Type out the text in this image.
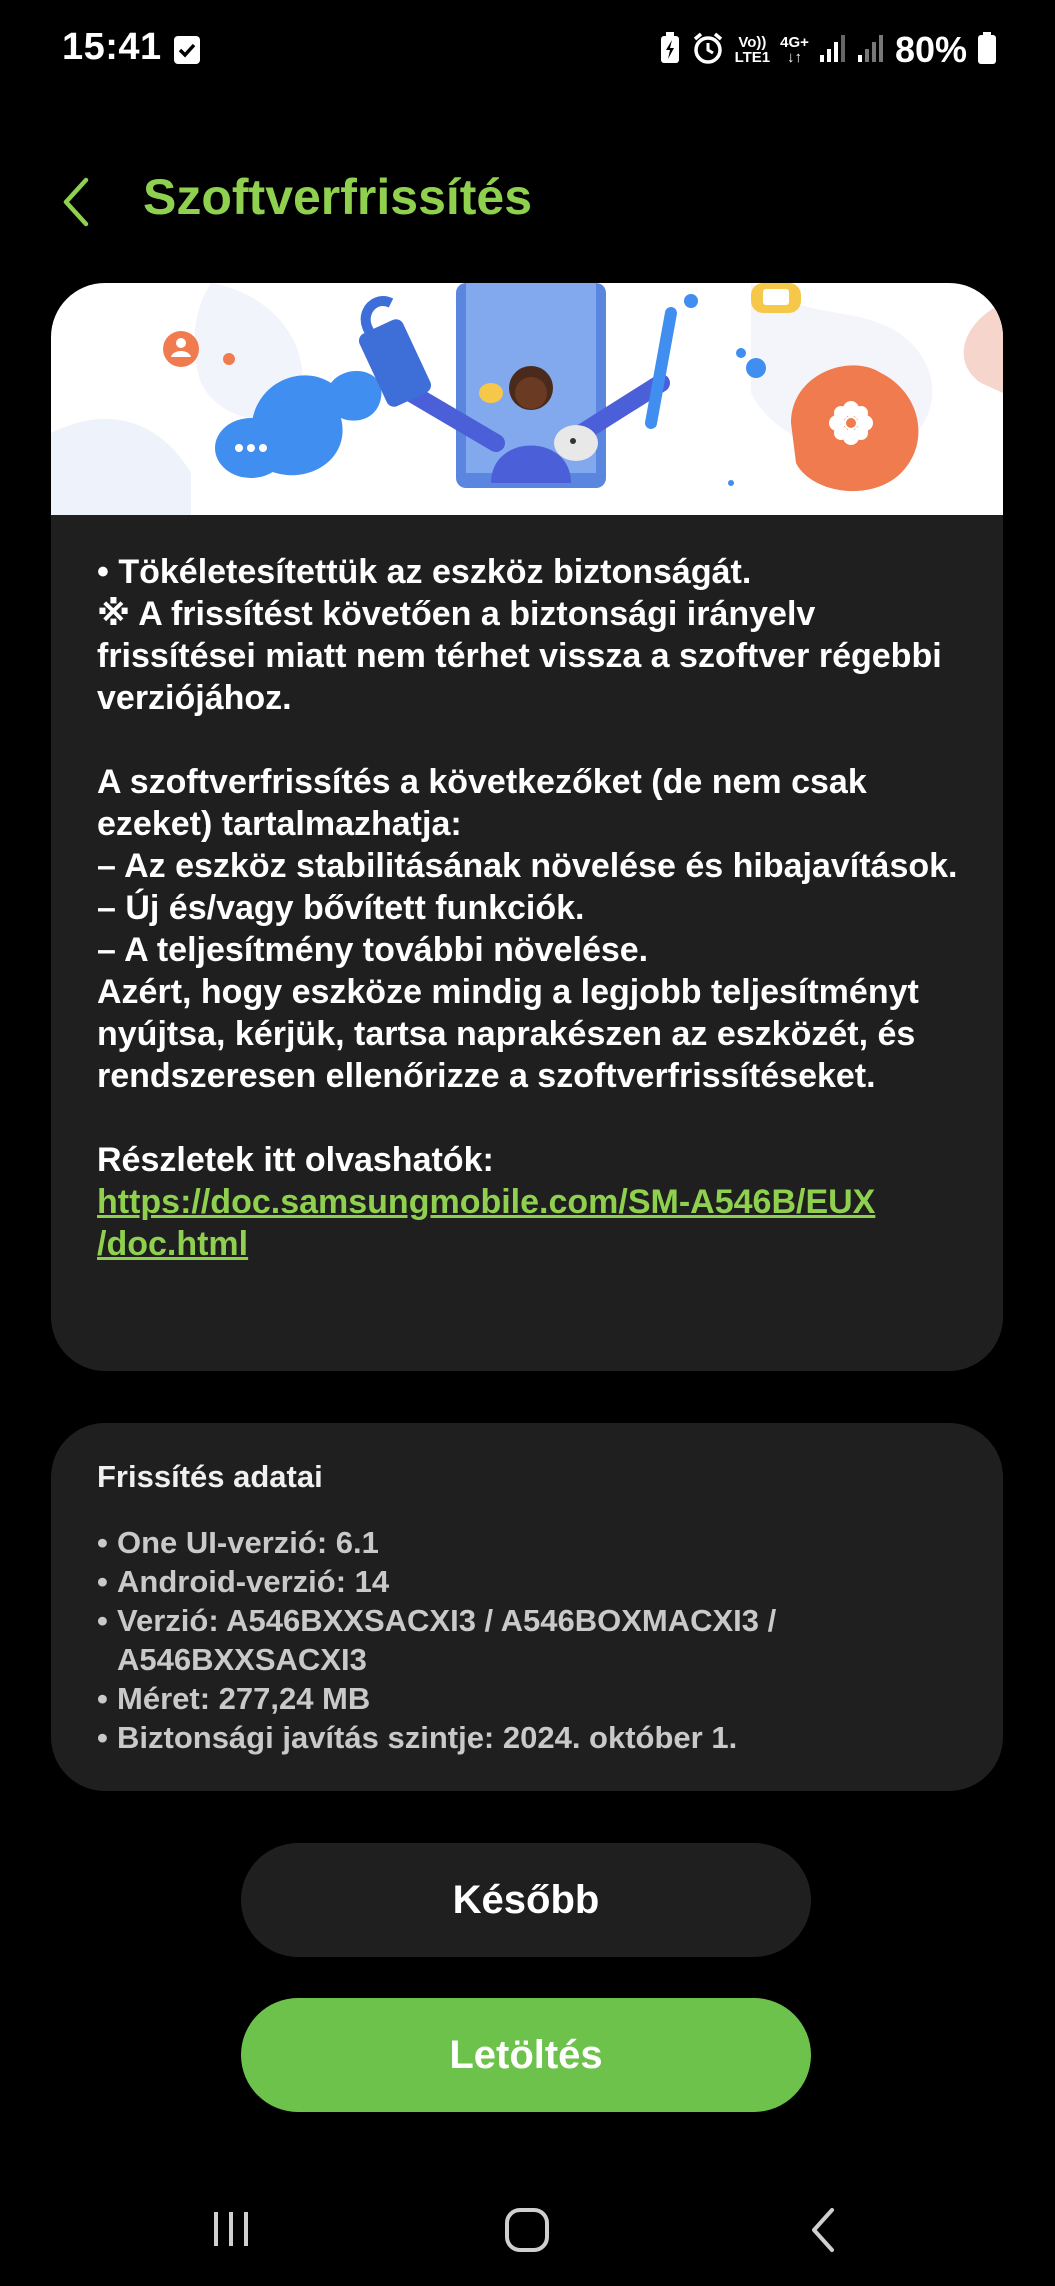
15:41	Vo))
LTE1
4G+
↓↑	80%
Szoftverfrissítés

• Tökéletesítettük az eszköz biztonságát.

※ A frissítést követően a biztonsági irányelv frissítései miatt nem térhet vissza a szoftver régebbi verziójához.

A szoftverfrissítés a következőket (de nem csak ezeket) tartalmazhatja:

– Az eszköz stabilitásának növelése és hibajavítások.

– Új és/vagy bővített funkciók.

– A teljesítmény további növelése.

Azért, hogy eszköze mindig a legjobb teljesítményt nyújtsa, kérjük, tartsa naprakészen az eszközét, és rendszeresen ellenőrizze a szoftverfrissítéseket.

Részletek itt olvashatók:

https://doc.samsungmobile.com/SM-A546B/EUX

/doc.html

Frissítés adatai
• One UI-verzió: 6.1
• Android-verzió: 14
• Verzió: A546BXXSACXI3 / A546BOXMACXI3 / A546BXXSACXI3
• Méret: 277,24 MB
• Biztonsági javítás szintje: 2024. október 1.
Később
Letöltés
